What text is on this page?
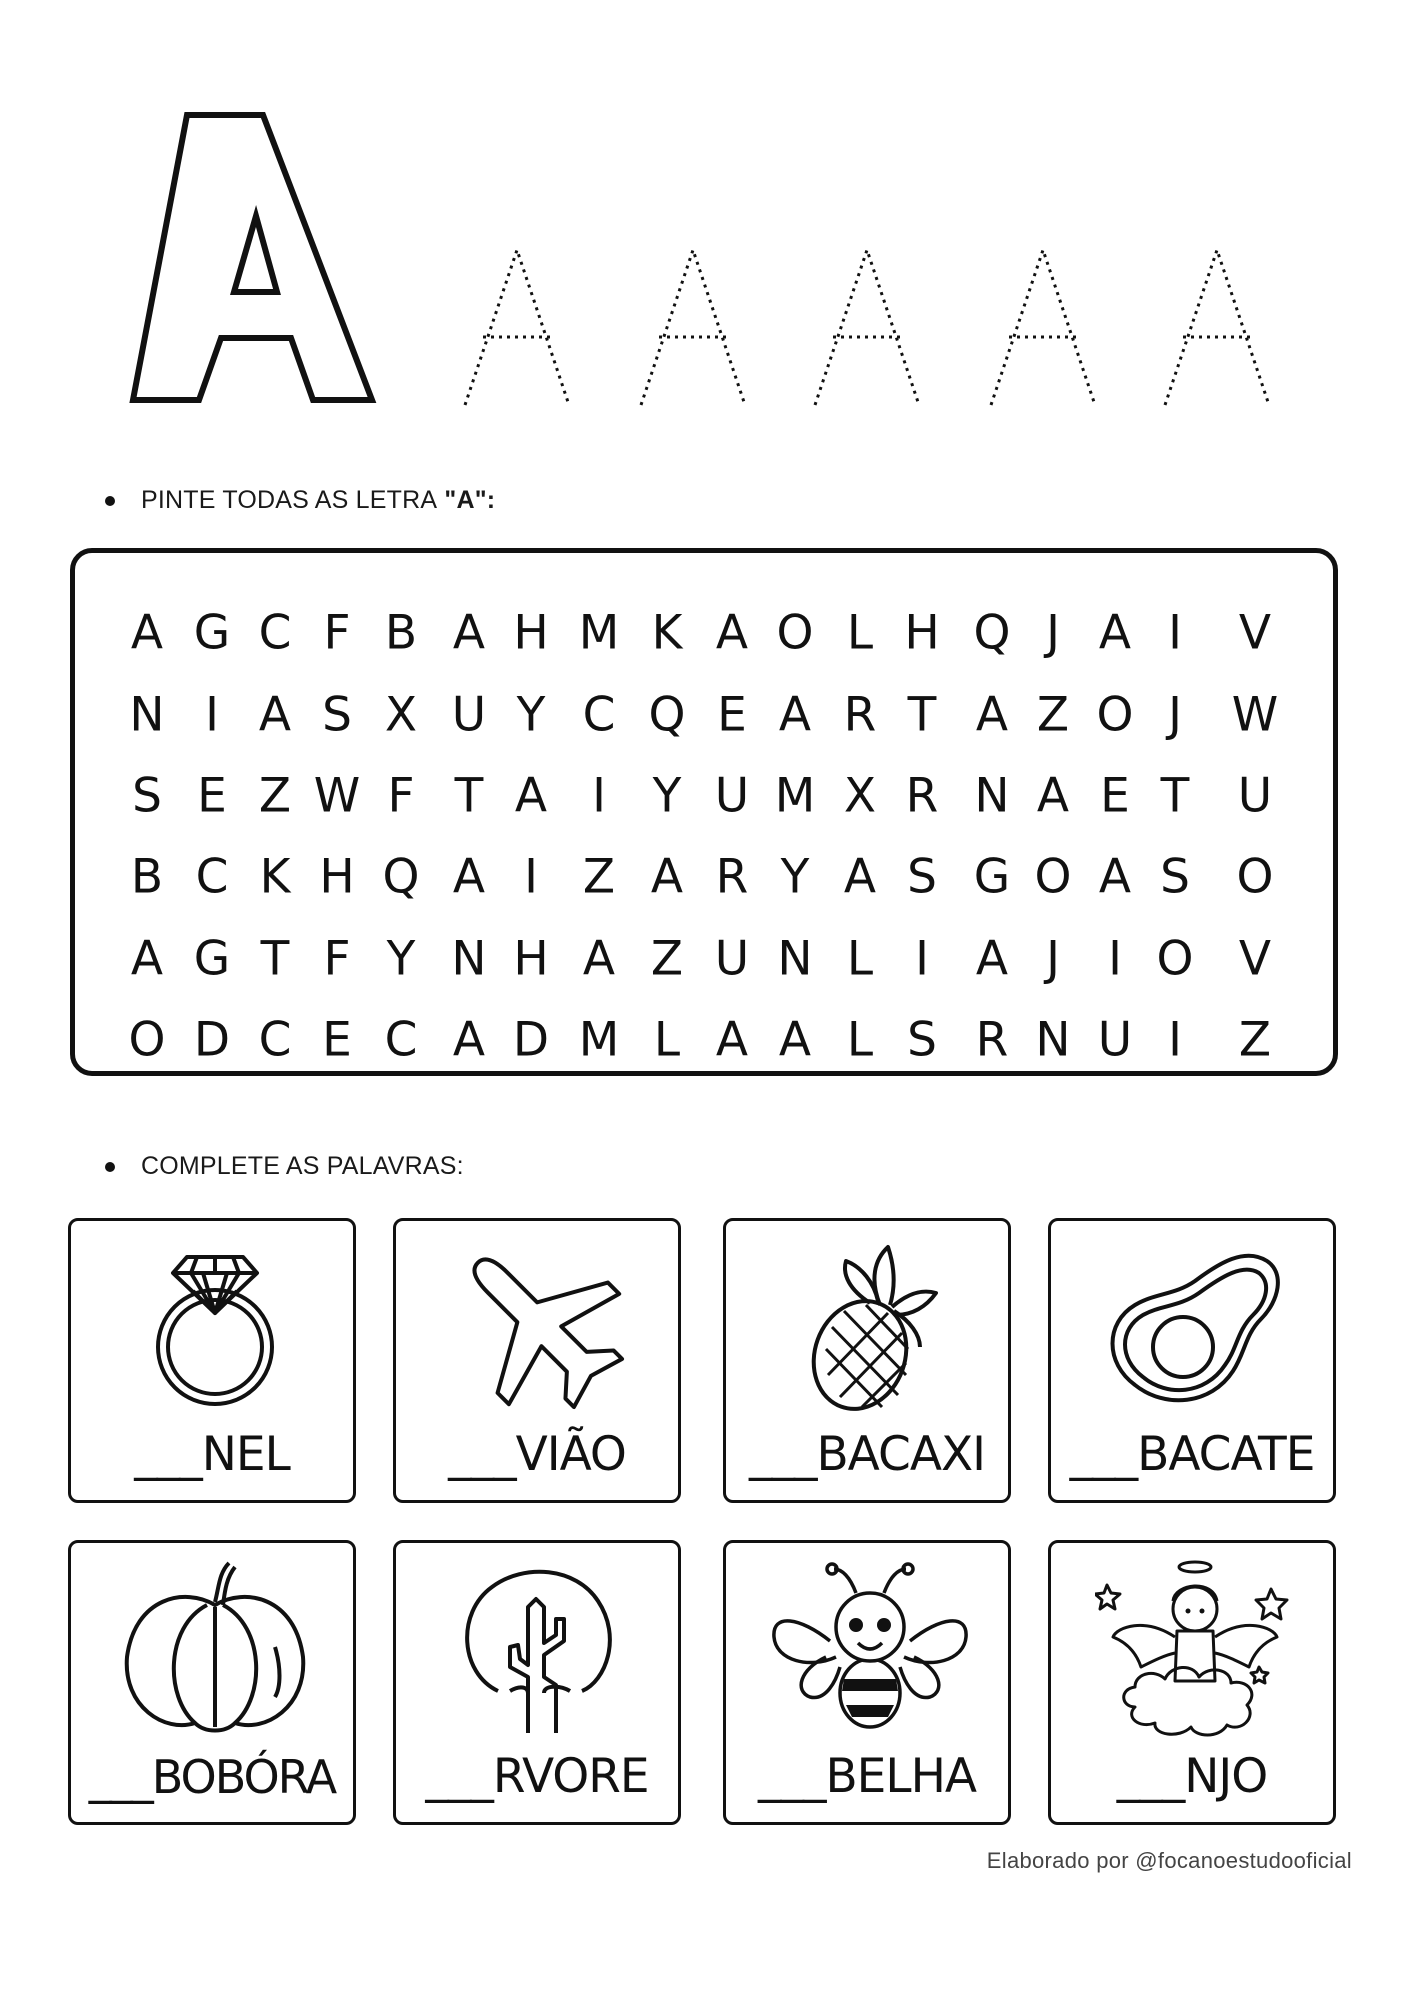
PINTE TODAS AS LETRA
"A":
A G C F B A H M K A O L H Q J A I	V
N I A S X U Y C Q E A R T A Z O J	W
S E Z W F T A I Y U M X R N A E T	U
B C K H Q A I Z A R Y A S G O A S O
A G T F Y N H A Z U N L I A J	I O V
O D C E C A D M L A A L S R N U I	Z
COMPLETE AS PALAVRAS:
___NEL	___VIÃO	___BACAXI	___BACATE
___BOBÓRA	___RVORE	___BELHA	___NJO
Elaborado por @focanoestudooficial
